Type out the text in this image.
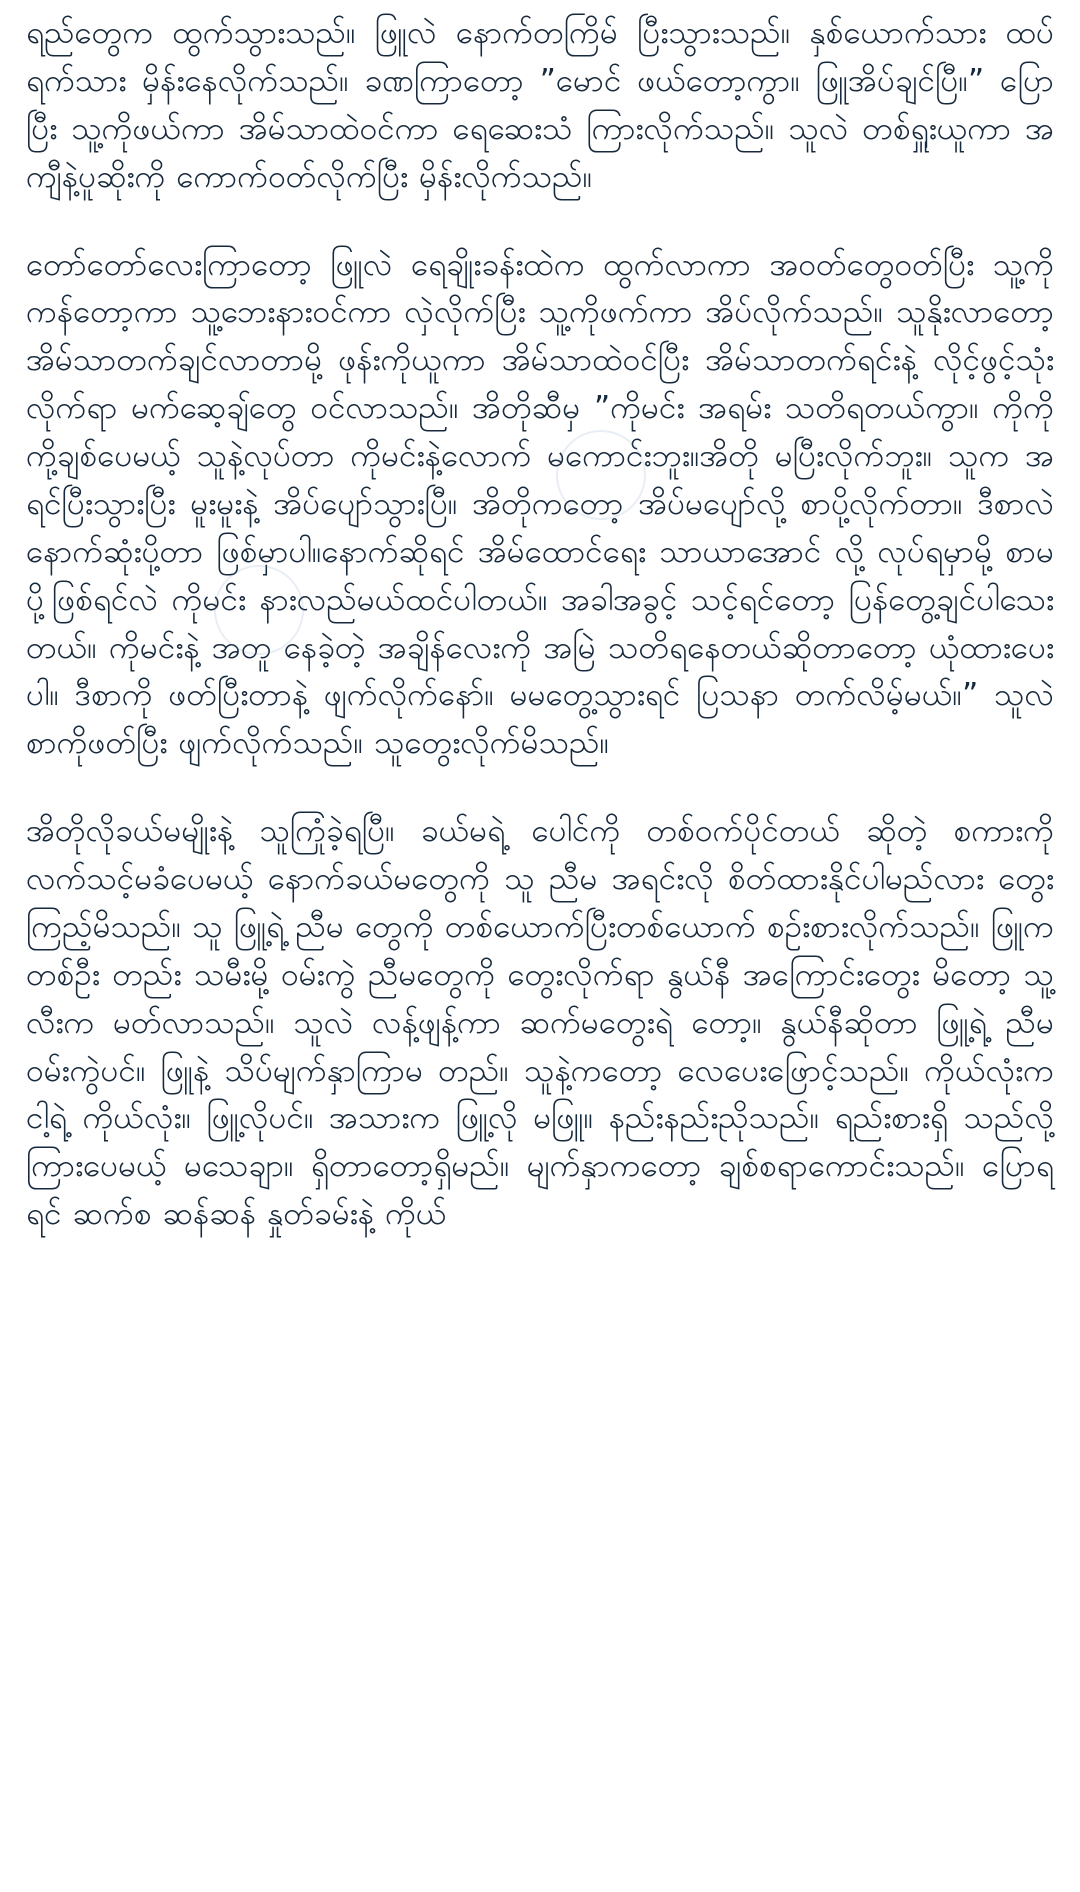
ရည်တွေက ထွက်သွားသည်။ ဖြူလဲ နောက်တကြိမ် ပြီးသွားသည်။ နှစ်ယောက်သား ထပ်ရက်သား မှိန်းနေလိုက်သည်။ ခဏကြာတော့ ”မောင် ဖယ်တော့ကွာ။ ဖြူအိပ်ချင်ပြီ။” ပြောပြီး သူ့ကိုဖယ်ကာ အိမ်သာထဲဝင်ကာ ရေဆေးသံ ကြားလိုက်သည်။ သူလဲ တစ်ရှူးယူကာ အကျီနဲ့ပူဆိုးကို ကောက်ဝတ်လိုက်ပြီး မှိန်းလိုက်သည်။

တော်တော်လေးကြာတော့ ဖြူလဲ ရေချိုးခန်းထဲက ထွက်လာကာ အဝတ်တွေဝတ်ပြီး သူ့ကို ကန်တော့ကာ သူ့ဘေးနားဝင်ကာ လှဲလိုက်ပြီး သူ့ကိုဖက်ကာ အိပ်လိုက်သည်။ သူနိုးလာတော့ အိမ်သာတက်ချင်လာတာမို့ ဖုန်းကိုယူကာ အိမ်သာထဲဝင်ပြီး အိမ်သာတက်ရင်းနဲ့ လိုင့်ဖွင့်သုံးလိုက်ရာ မက်ဆေ့ချ်တွေ ဝင်လာသည်။ အိတိုဆီမှ ”ကိုမင်း အရမ်း သတိရတယ်ကွာ။ ကိုကို ကို့ချစ်ပေမယ့် သူနဲ့လုပ်တာ ကိုမင်းနဲ့လောက် မကောင်းဘူး။အိတို မပြီးလိုက်ဘူး။ သူက အရင်ပြီးသွားပြီး မူးမူးနဲ့ အိပ်ပျော်သွားပြီ။ အိတိုကတော့ အိပ်မပျော်လို့ စာပို့လိုက်တာ။ ဒီစာလဲ နောက်ဆုံးပို့တာ ဖြစ်မှာပါ။နောက်ဆိုရင် အိမ်ထောင်ရေး သာယာအောင် လို့ လုပ်ရမှာမို့ စာမပို့ဖြစ်ရင်လဲ ကိုမင်း နားလည်မယ်ထင်ပါတယ်။ အခါအခွင့် သင့်ရင်တော့ ပြန်တွေ့ချင်ပါသေးတယ်။ ကိုမင်းနဲ့ အတူ နေခဲ့တဲ့ အချိန်လေးကို အမြဲ သတိရနေတယ်ဆိုတာတော့ ယုံထားပေးပါ။ ဒီစာကို ဖတ်ပြီးတာနဲ့ ဖျက်လိုက်နော်။ မမတွေ့သွားရင် ပြသနာ တက်လိမ့်မယ်။” သူလဲ စာကိုဖတ်ပြီး ဖျက်လိုက်သည်။ သူတွေးလိုက်မိသည်။

အိတိုလိုခယ်မမျိုးနဲ့ သူကြုံခဲ့ရပြီ။ ခယ်မရဲ့ ပေါင်ကို တစ်ဝက်ပိုင်တယ် ဆိုတဲ့ စကားကိုလက်သင့်မခံပေမယ့် နောက်ခယ်မတွေကို သူ ညီမ အရင်းလို စိတ်ထားနိုင်ပါမည်လား တွေးကြည့်မိသည်။ သူ ဖြူ့ရဲ့ ညီမ တွေကို တစ်ယောက်ပြီးတစ်ယောက် စဉ်းစားလိုက်သည်။ ဖြူက တစ်ဦး တည်း သမီးမို့ ဝမ်းကွဲ ညီမတွေကို တွေးလိုက်ရာ နွယ်နီ အကြောင်းတွေး မိတော့ သူ့လီးက မတ်လာသည်။ သူလဲ လန့်ဖျန့်ကာ ဆက်မတွေးရဲ တော့။ နွယ်နီဆိုတာ ဖြူ့ရဲ့ ညီမဝမ်းကွဲပင်။ ဖြူနဲ့ သိပ်မျက်နှာကြာမ တည်။ သူနဲ့ကတော့ လေပေးဖြောင့်သည်။ ကိုယ်လုံးက ငါ့ရဲ့ ကိုယ်လုံး။ ဖြူ့လိုပင်။ အသားက ဖြူ့လို မဖြူ။ နည်းနည်းညိုသည်။ ရည်းစားရှိ သည်လို့ ကြားပေမယ့် မသေချာ။ ရှိတာတော့ရှိမည်။ မျက်နှာကတော့ ချစ်စရာကောင်းသည်။ ပြောရရင် ဆက်စ ဆန်ဆန် နှုတ်ခမ်းနဲ့ ကိုယ်
